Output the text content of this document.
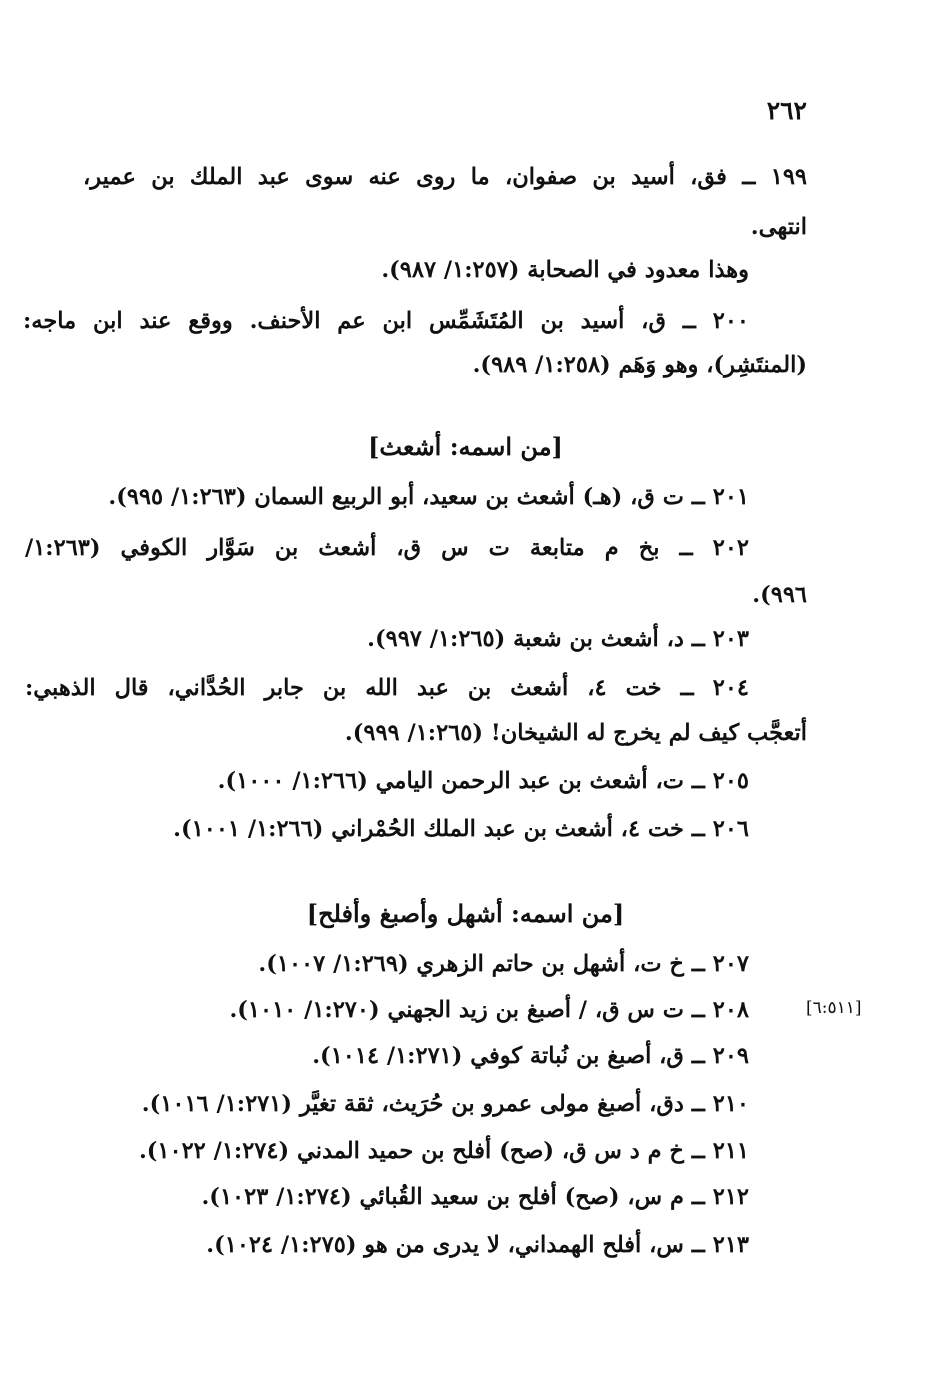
٢٦٢
١٩٩ ــ فق، أسيد بن صفوان، ما روى عنه سوى عبد الملك بن عمير،
انتهى.
وهذا معدود في الصحابة (١:٢٥٧/ ٩٨٧).
٢٠٠ ــ ق، أسيد بن المُتَشَمِّس ابن عم الأحنف. ووقع عند ابن ماجه:
(المنتَشِر)، وهو وَهَم (١:٢٥٨/ ٩٨٩).
[من اسمه: أشعث]
٢٠١ ــ ت ق، (هـ) أشعث بن سعيد، أبو الربيع السمان (١:٢٦٣/ ٩٩٥).
٢٠٢ ــ بخ م متابعة ت س ق، أشعث بن سَوَّار الكوفي (١:٢٦٣/
٩٩٦).
٢٠٣ ــ د، أشعث بن شعبة (١:٢٦٥/ ٩٩٧).
٢٠٤ ــ خت ٤، أشعث بن عبد الله بن جابر الحُدَّاني، قال الذهبي:
أتعجَّب كيف لم يخرج له الشيخان! (١:٢٦٥/ ٩٩٩).
٢٠٥ ــ ت، أشعث بن عبد الرحمن اليامي (١:٢٦٦/ ١٠٠٠).
٢٠٦ ــ خت ٤، أشعث بن عبد الملك الحُمْراني (١:٢٦٦/ ١٠٠١).
[من اسمه: أشهل وأصبغ وأفلح]
٢٠٧ ــ خ ت، أشهل بن حاتم الزهري (١:٢٦٩/ ١٠٠٧).
٢٠٨ ــ ت س ق، / أصبغ بن زيد الجهني (١:٢٧٠/ ١٠١٠).	[٦:٥١١]
٢٠٩ ــ ق، أصبغ بن نُباتة كوفي (١:٢٧١/ ١٠١٤).
٢١٠ ــ دق، أصبغ مولى عمرو بن حُرَيث، ثقة تغيَّر (١:٢٧١/ ١٠١٦).
٢١١ ــ خ م د س ق، (صح) أفلح بن حميد المدني (١:٢٧٤/ ١٠٢٢).
٢١٢ ــ م س، (صح) أفلح بن سعيد القُبائي (١:٢٧٤/ ١٠٢٣).
٢١٣ ــ س، أفلح الهمداني، لا يدرى من هو (١:٢٧٥/ ١٠٢٤).
